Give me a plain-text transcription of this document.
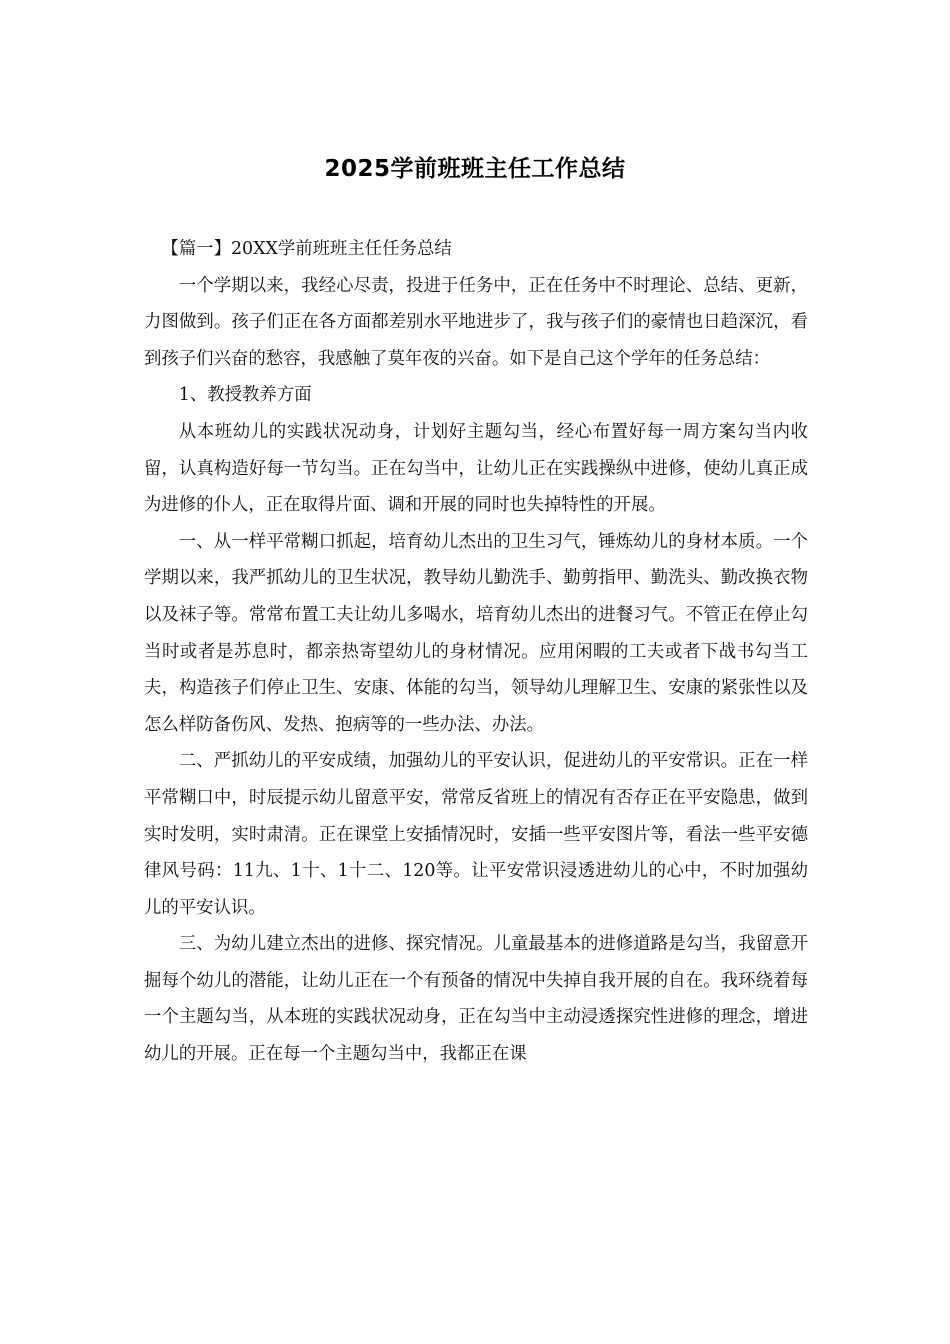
2025学前班班主任工作总结

【篇一】20XX学前班班主任任务总结

一个学期以来，我经心尽责，投进于任务中，正在任务中不时理论、总结、更新，力图做到。孩子们正在各方面都差别水平地进步了，我与孩子们的豪情也日趋深沉，看到孩子们兴奋的愁容，我感触了莫年夜的兴奋。如下是自己这个学年的任务总结：

1、教授教养方面

从本班幼儿的实践状况动身，计划好主题勾当，经心布置好每一周方案勾当内收留，认真构造好每一节勾当。正在勾当中，让幼儿正在实践操纵中进修，使幼儿真正成为进修的仆人，正在取得片面、调和开展的同时也失掉特性的开展。

一、从一样平常糊口抓起，培育幼儿杰出的卫生习气，锤炼幼儿的身材本质。一个学期以来，我严抓幼儿的卫生状况，教导幼儿勤洗手、勤剪指甲、勤洗头、勤改换衣物以及袜子等。常常布置工夫让幼儿多喝水，培育幼儿杰出的进餐习气。不管正在停止勾当时或者是苏息时，都亲热寄望幼儿的身材情况。应用闲暇的工夫或者下战书勾当工夫，构造孩子们停止卫生、安康、体能的勾当，领导幼儿理解卫生、安康的紧张性以及怎么样防备伤风、发热、抱病等的一些办法、办法。

二、严抓幼儿的平安成绩，加强幼儿的平安认识，促进幼儿的平安常识。正在一样平常糊口中，时辰提示幼儿留意平安，常常反省班上的情况有否存正在平安隐患，做到实时发明，实时肃清。正在课堂上安插情况时，安插一些平安图片等，看法一些平安德律风号码：11九、1十、1十二、120等。让平安常识浸透进幼儿的心中，不时加强幼儿的平安认识。

三、为幼儿建立杰出的进修、探究情况。儿童最基本的进修道路是勾当，我留意开掘每个幼儿的潜能，让幼儿正在一个有预备的情况中失掉自我开展的自在。我环绕着每一个主题勾当，从本班的实践状况动身，正在勾当中主动浸透探究性进修的理念，增进幼儿的开展。正在每一个主题勾当中，我都正在课
